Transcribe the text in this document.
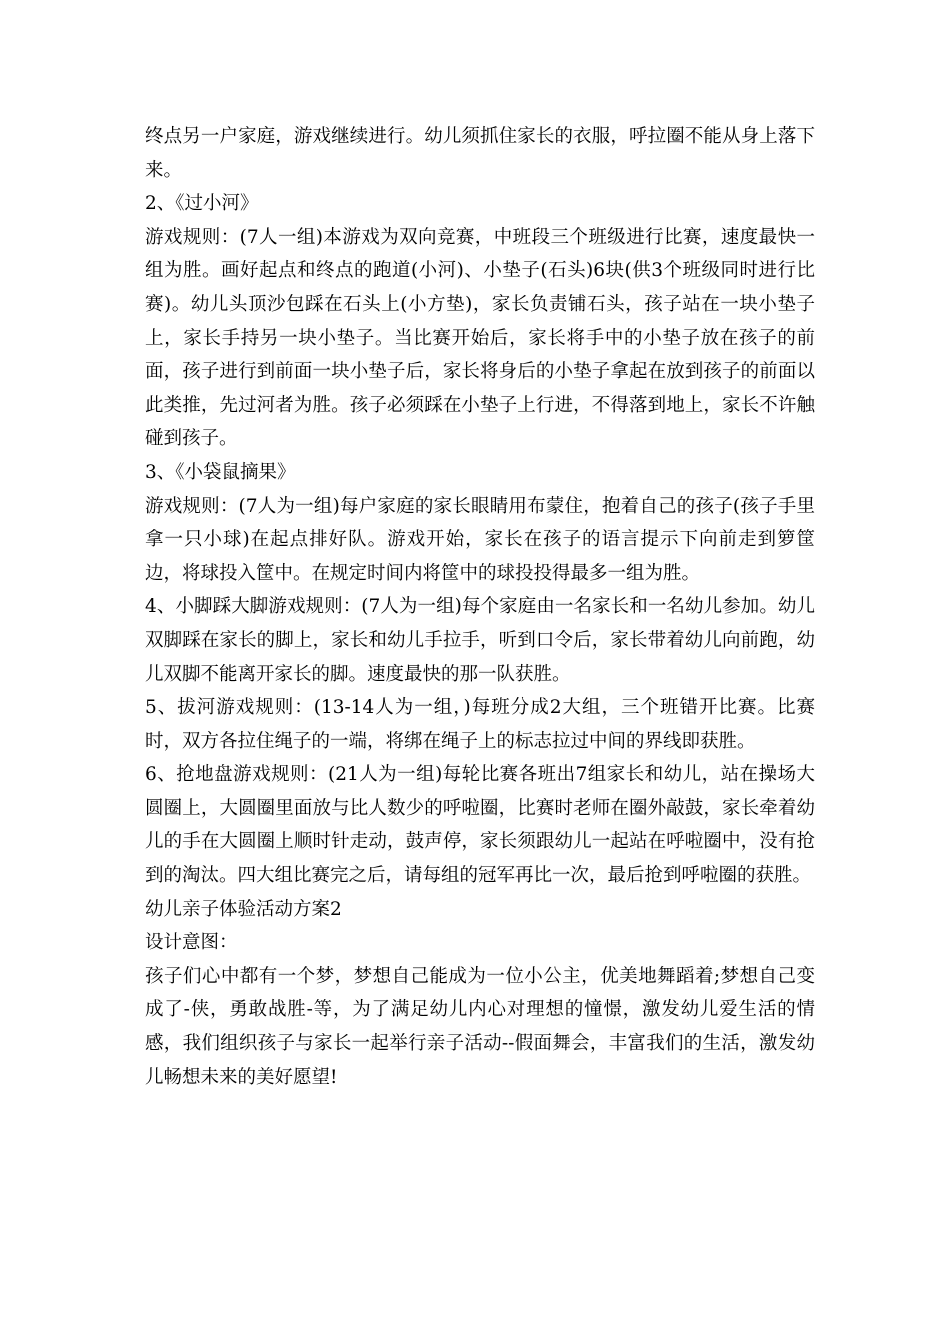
终点另一户家庭，游戏继续进行。幼儿须抓住家长的衣服，呼拉圈不能从身上落下来。

2、《过小河》

游戏规则：(7人一组)本游戏为双向竞赛，中班段三个班级进行比赛，速度最快一组为胜。画好起点和终点的跑道(小河)、小垫子(石头)6块(供3个班级同时进行比赛)。幼儿头顶沙包踩在石头上(小方垫)，家长负责铺石头，孩子站在一块小垫子上，家长手持另一块小垫子。当比赛开始后，家长将手中的小垫子放在孩子的前面，孩子进行到前面一块小垫子后，家长将身后的小垫子拿起在放到孩子的前面以此类推，先过河者为胜。孩子必须踩在小垫子上行进，不得落到地上，家长不许触碰到孩子。

3、《小袋鼠摘果》

游戏规则：(7人为一组)每户家庭的家长眼睛用布蒙住，抱着自己的孩子(孩子手里拿一只小球)在起点排好队。游戏开始，家长在孩子的语言提示下向前走到箩筐边，将球投入筐中。在规定时间内将筐中的球投投得最多一组为胜。

4、小脚踩大脚游戏规则：(7人为一组)每个家庭由一名家长和一名幼儿参加。幼儿双脚踩在家长的脚上，家长和幼儿手拉手，听到口令后，家长带着幼儿向前跑，幼儿双脚不能离开家长的脚。速度最快的那一队获胜。

5、拔河游戏规则：(13-14人为一组，)每班分成2大组，三个班错开比赛。比赛时，双方各拉住绳子的一端，将绑在绳子上的标志拉过中间的界线即获胜。

6、抢地盘游戏规则：(21人为一组)每轮比赛各班出7组家长和幼儿，站在操场大圆圈上，大圆圈里面放与比人数少的呼啦圈，比赛时老师在圈外敲鼓，家长牵着幼儿的手在大圆圈上顺时针走动，鼓声停，家长须跟幼儿一起站在呼啦圈中，没有抢到的淘汰。四大组比赛完之后，请每组的冠军再比一次，最后抢到呼啦圈的获胜。

幼儿亲子体验活动方案2

设计意图：

孩子们心中都有一个梦，梦想自己能成为一位小公主，优美地舞蹈着;梦想自己变成了-侠，勇敢战胜-等，为了满足幼儿内心对理想的憧憬，激发幼儿爱生活的情感，我们组织孩子与家长一起举行亲子活动--假面舞会，丰富我们的生活，激发幼儿畅想未来的美好愿望!
